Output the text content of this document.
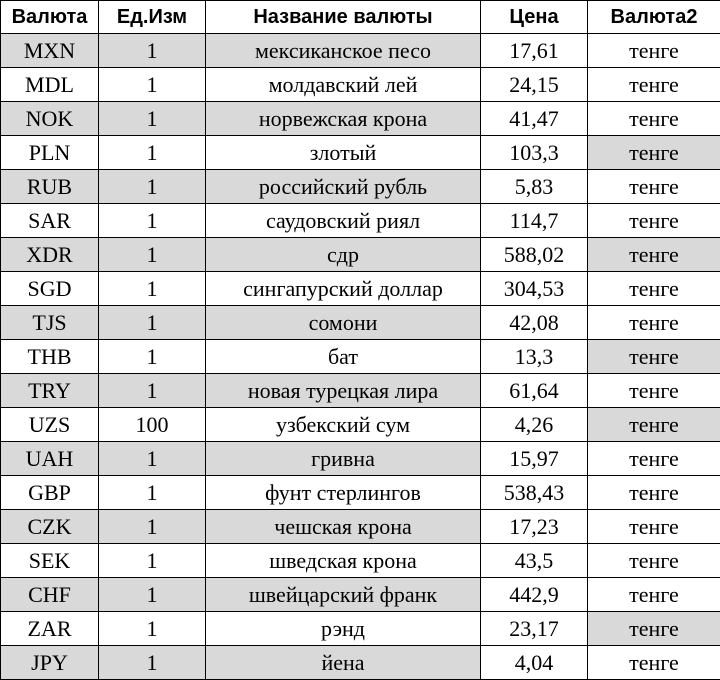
Валюта	Ед.Изм	Название валюты	Цена	Валюта2
MXN	1	мексиканское песо	17,61	тенге
MDL	1	молдавский лей	24,15	тенге
NOK	1	норвежская крона	41,47	тенге
PLN	1	злотый	103,3	тенге
RUB	1	российский рубль	5,83	тенге
SAR	1	саудовский риял	114,7	тенге
XDR	1	сдр	588,02	тенге
SGD	1	сингапурский доллар	304,53	тенге
TJS	1	сомони	42,08	тенге
THB	1	бат	13,3	тенге
TRY	1	новая турецкая лира	61,64	тенге
UZS	100	узбекский сум	4,26	тенге
UAH	1	гривна	15,97	тенге
GBP	1	фунт стерлингов	538,43	тенге
CZK	1	чешская крона	17,23	тенге
SEK	1	шведская крона	43,5	тенге
CHF	1	швейцарский франк	442,9	тенге
ZAR	1	рэнд	23,17	тенге
JPY	1	йена	4,04	тенге
